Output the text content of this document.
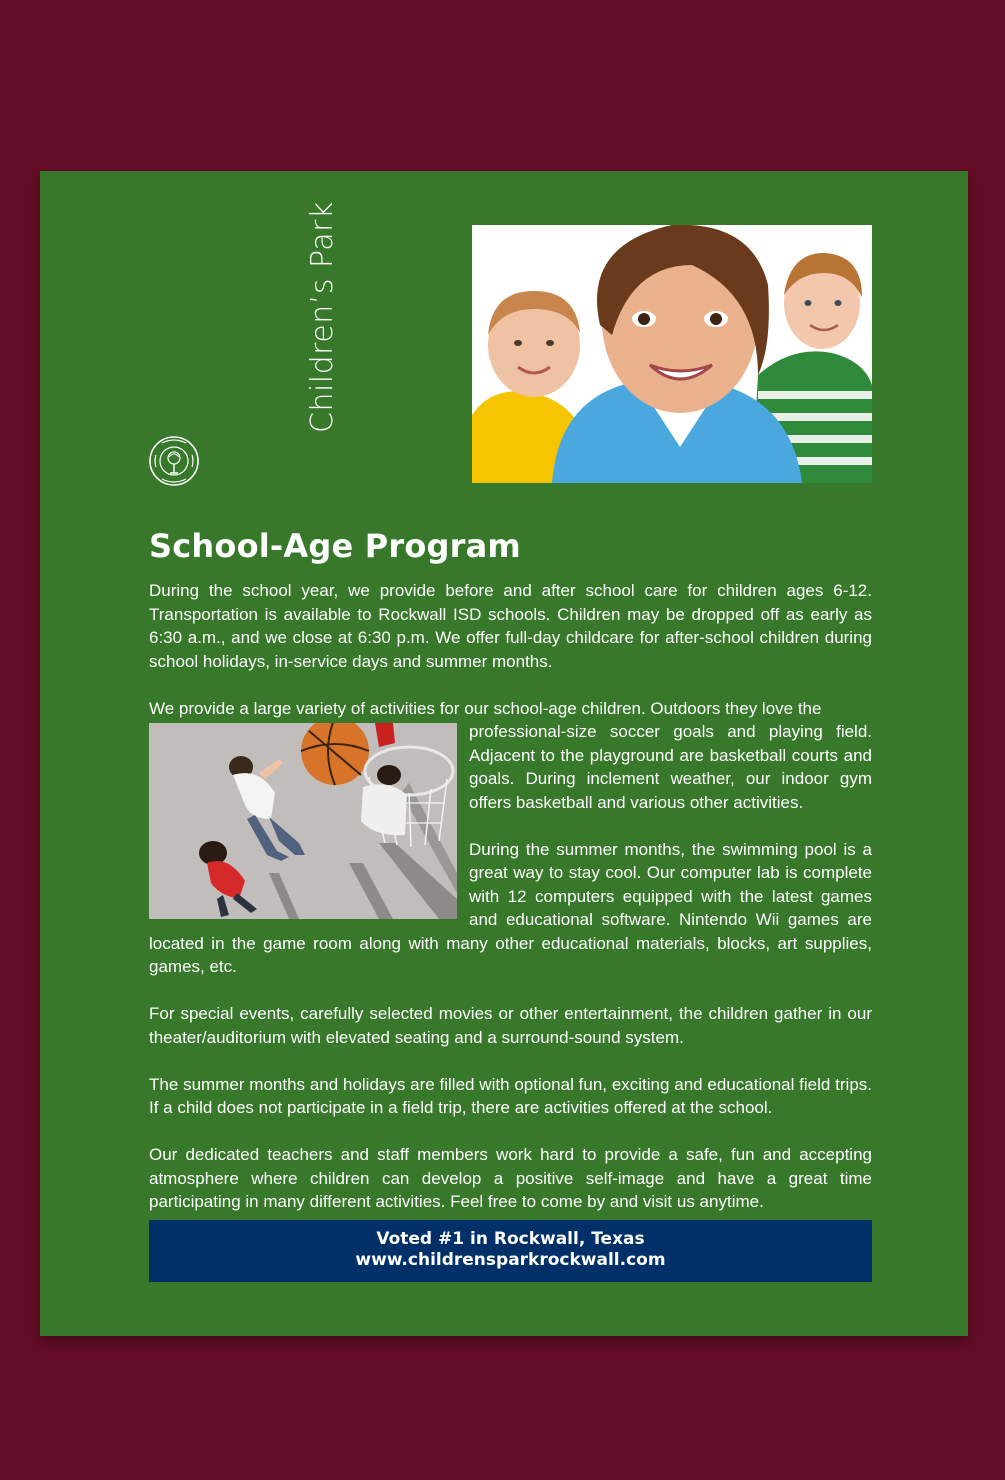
Children’s Park
School-Age Program

During the school year, we provide before and after school care for children ages 6-12. Transportation is available to Rockwall ISD schools. Children may be dropped off as early as 6:30 a.m., and we close at 6:30 p.m. We offer full-day childcare for after-school children during school holidays, in-service days and summer months.

We provide a large variety of activities for our school-age children. Outdoors they love the

professional-size soccer goals and playing field. Adjacent to the playground are basketball courts and goals. During inclement weather, our indoor gym offers basketball and various other activities.

During the summer months, the swimming pool is a great way to stay cool. Our computer lab is complete with 12 computers equipped with the latest games and educational software. Nintendo Wii games are located in the game room along with many other educational materials, blocks, art supplies, games, etc.

For special events, carefully selected movies or other entertainment, the children gather in our theater/auditorium with elevated seating and a surround-sound system.

The summer months and holidays are filled with optional fun, exciting and educational field trips. If a child does not participate in a field trip, there are activities offered at the school.

Our dedicated teachers and staff members work hard to provide a safe, fun and accepting atmosphere where children can develop a positive self-image and have a great time participating in many different activities. Feel free to come by and visit us anytime.

Voted #1 in Rockwall, Texas
www.childrensparkrockwall.com
